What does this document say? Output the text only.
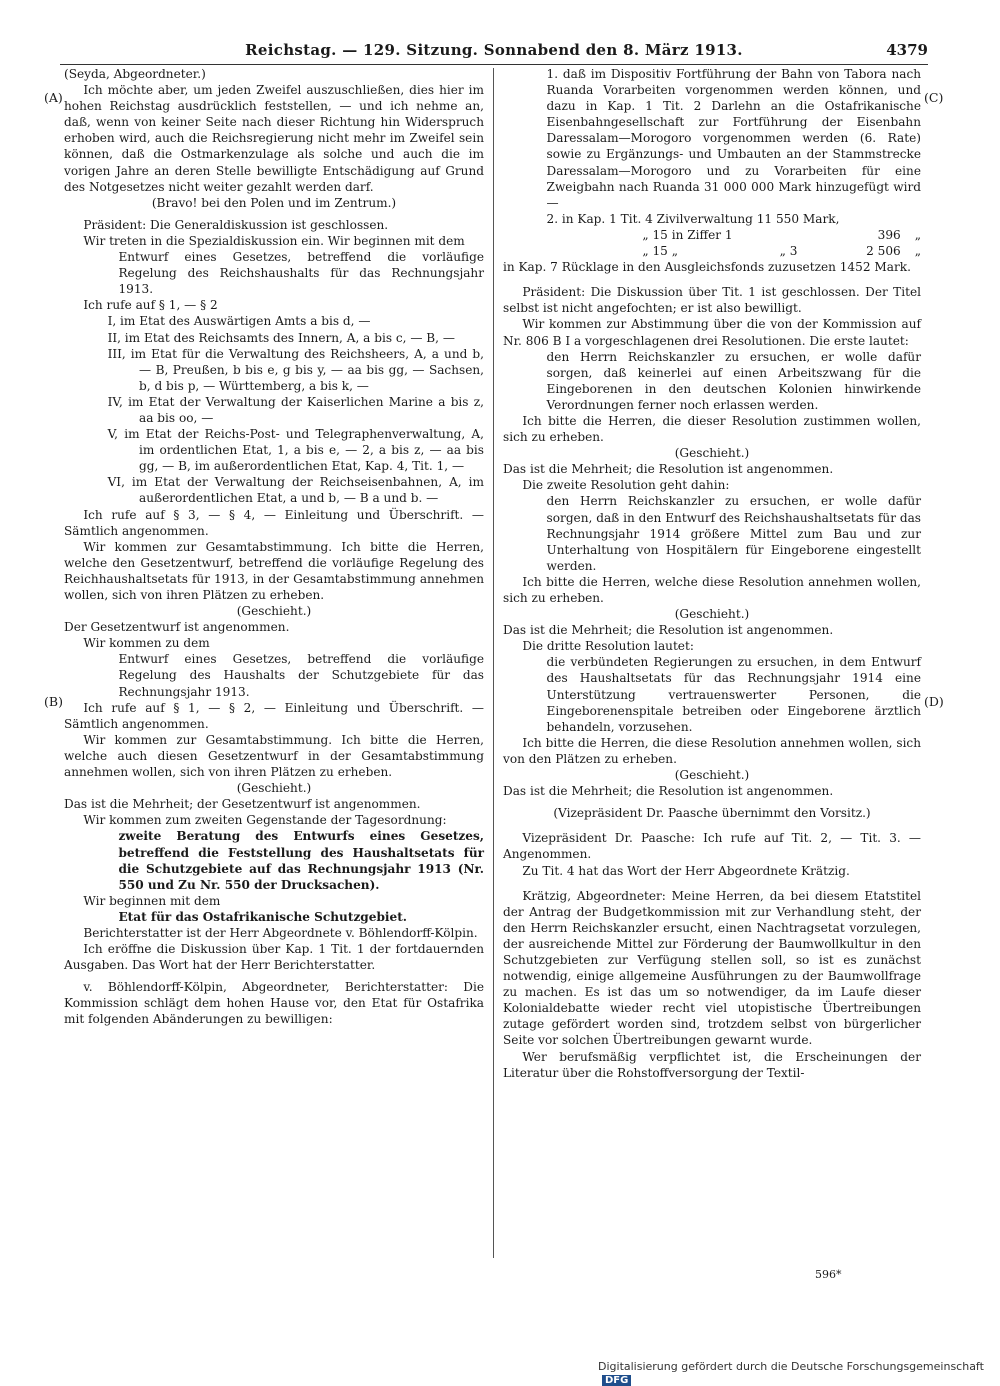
Reichstag. — 129. Sitzung. Sonnabend den 8. März 1913.	4379
(A)
(B)
(C)
(D)

(Seyda, Abgeordneter.)

Ich möchte aber, um jeden Zweifel auszuschließen, dies hier im hohen Reichstag ausdrücklich feststellen, — und ich nehme an, daß, wenn von keiner Seite nach dieser Richtung hin Widerspruch erhoben wird, auch die Reichsregierung nicht mehr im Zweifel sein können, daß die Ostmarkenzulage als solche und auch die im vorigen Jahre an deren Stelle bewilligte Entschädigung auf Grund des Notgesetzes nicht weiter gezahlt werden darf.

(Bravo! bei den Polen und im Zentrum.)

Präsident: Die Generaldiskussion ist geschlossen.

Wir treten in die Spezialdiskussion ein. Wir beginnen mit dem

Entwurf eines Gesetzes, betreffend die vorläufige Regelung des Reichshaushalts für das Rechnungsjahr 1913.

Ich rufe auf § 1, — § 2

I, im Etat des Auswärtigen Amts a bis d, —

II, im Etat des Reichsamts des Innern, A, a bis c, — B, —

III, im Etat für die Verwaltung des Reichsheers, A, a und b, — B, Preußen, b bis e, g bis y, — aa bis gg, — Sachsen, b, d bis p, — Württemberg, a bis k, —

IV, im Etat der Verwaltung der Kaiserlichen Marine a bis z, aa bis oo, —

V, im Etat der Reichs-Post- und Telegraphenverwaltung, A, im ordentlichen Etat, 1, a bis e, — 2, a bis z, — aa bis gg, — B, im außerordentlichen Etat, Kap. 4, Tit. 1, —

VI, im Etat der Verwaltung der Reichseisenbahnen, A, im außerordentlichen Etat, a und b, — B a und b. —

Ich rufe auf § 3, — § 4, — Einleitung und Überschrift. — Sämtlich angenommen.

Wir kommen zur Gesamtabstimmung. Ich bitte die Herren, welche den Gesetzentwurf, betreffend die vorläufige Regelung des Reichhaushaltsetats für 1913, in der Gesamtabstimmung annehmen wollen, sich von ihren Plätzen zu erheben.

(Geschieht.)

Der Gesetzentwurf ist angenommen.

Wir kommen zu dem

Entwurf eines Gesetzes, betreffend die vorläufige Regelung des Haushalts der Schutzgebiete für das Rechnungsjahr 1913.

Ich rufe auf § 1, — § 2, — Einleitung und Überschrift. — Sämtlich angenommen.

Wir kommen zur Gesamtabstimmung. Ich bitte die Herren, welche auch diesen Gesetzentwurf in der Gesamtabstimmung annehmen wollen, sich von ihren Plätzen zu erheben.

(Geschieht.)

Das ist die Mehrheit; der Gesetzentwurf ist angenommen.

Wir kommen zum zweiten Gegenstande der Tagesordnung:

zweite Beratung des Entwurfs eines Gesetzes, betreffend die Feststellung des Haushaltsetats für die Schutzgebiete auf das Rechnungsjahr 1913 (Nr. 550 und Zu Nr. 550 der Drucksachen).

Wir beginnen mit dem

Etat für das Ostafrikanische Schutzgebiet.

Berichterstatter ist der Herr Abgeordnete v. Böhlendorff-Kölpin.

Ich eröffne die Diskussion über Kap. 1 Tit. 1 der fortdauernden Ausgaben. Das Wort hat der Herr Berichterstatter.

v. Böhlendorff-Kölpin, Abgeordneter, Berichterstatter: Die Kommission schlägt dem hohen Hause vor, den Etat für Ostafrika mit folgenden Abänderungen zu bewilligen:

1. daß im Dispositiv Fortführung der Bahn von Tabora nach Ruanda Vorarbeiten vorgenommen werden können, und dazu in Kap. 1 Tit. 2 Darlehn an die Ostafrikanische Eisenbahngesellschaft zur Fortführung der Eisenbahn Daressalam—Morogoro vorgenommen werden (6. Rate) sowie zu Ergänzungs- und Umbauten an der Stammstrecke Daressalam—Morogoro und zu Vorarbeiten für eine Zweigbahn nach Ruanda 31 000 000 Mark hinzugefügt wird —

2. in Kap. 1 Tit. 4 Zivilverwaltung 11 550 Mark,

„ 15 in Ziffer 1	396	„
„ 15 „	„ 3	2 506	„

in Kap. 7 Rücklage in den Ausgleichsfonds zuzusetzen 1452 Mark.

Präsident: Die Diskussion über Tit. 1 ist geschlossen. Der Titel selbst ist nicht angefochten; er ist also bewilligt.

Wir kommen zur Abstimmung über die von der Kommission auf Nr. 806 B I a vorgeschlagenen drei Resolutionen. Die erste lautet:

den Herrn Reichskanzler zu ersuchen, er wolle dafür sorgen, daß keinerlei auf einen Arbeitszwang für die Eingeborenen in den deutschen Kolonien hinwirkende Verordnungen ferner noch erlassen werden.

Ich bitte die Herren, die dieser Resolution zustimmen wollen, sich zu erheben.

(Geschieht.)

Das ist die Mehrheit; die Resolution ist angenommen.

Die zweite Resolution geht dahin:

den Herrn Reichskanzler zu ersuchen, er wolle dafür sorgen, daß in den Entwurf des Reichshaushaltsetats für das Rechnungsjahr 1914 größere Mittel zum Bau und zur Unterhaltung von Hospitälern für Eingeborene eingestellt werden.

Ich bitte die Herren, welche diese Resolution annehmen wollen, sich zu erheben.

(Geschieht.)

Das ist die Mehrheit; die Resolution ist angenommen.

Die dritte Resolution lautet:

die verbündeten Regierungen zu ersuchen, in dem Entwurf des Haushaltsetats für das Rechnungsjahr 1914 eine Unterstützung vertrauenswerter Personen, die Eingeborenenspitale betreiben oder Eingeborene ärztlich behandeln, vorzusehen.

Ich bitte die Herren, die diese Resolution annehmen wollen, sich von den Plätzen zu erheben.

(Geschieht.)

Das ist die Mehrheit; die Resolution ist angenommen.

(Vizepräsident Dr. Paasche übernimmt den Vorsitz.)

Vizepräsident Dr. Paasche: Ich rufe auf Tit. 2, — Tit. 3. — Angenommen.

Zu Tit. 4 hat das Wort der Herr Abgeordnete Krätzig.

Krätzig, Abgeordneter: Meine Herren, da bei diesem Etatstitel der Antrag der Budgetkommission mit zur Verhandlung steht, der den Herrn Reichskanzler ersucht, einen Nachtragsetat vorzulegen, der ausreichende Mittel zur Förderung der Baumwollkultur in den Schutzgebieten zur Verfügung stellen soll, so ist es zunächst notwendig, einige allgemeine Ausführungen zu der Baumwollfrage zu machen. Es ist das um so notwendiger, da im Laufe dieser Kolonialdebatte wieder recht viel utopistische Übertreibungen zutage gefördert worden sind, trotzdem selbst von bürgerlicher Seite vor solchen Übertreibungen gewarnt wurde.

Wer berufsmäßig verpflichtet ist, die Erscheinungen der Literatur über die Rohstoffversorgung der Textil-

596*
Digitalisierung gefördert durch die Deutsche Forschungsgemeinschaft DFG
